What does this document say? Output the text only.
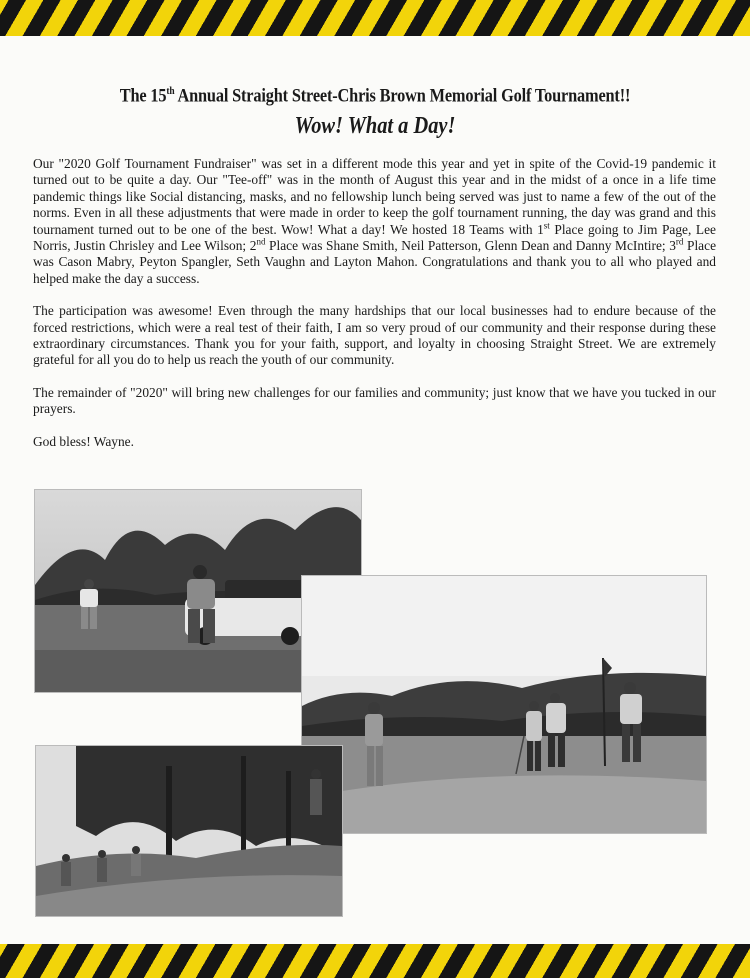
The 15th Annual Straight Street-Chris Brown Memorial Golf Tournament!!
Wow! What a Day!

Our "2020 Golf Tournament Fundraiser" was set in a different mode this year and yet in spite of the Covid-19 pandemic it turned out to be quite a day. Our "Tee-off" was in the month of August this year and in the midst of a once in a life time pandemic things like Social distancing, masks, and no fellowship lunch being served was just to name a few of the out of the norms. Even in all these adjustments that were made in order to keep the golf tournament running, the day was grand and this tournament turned out to be one of the best. Wow! What a day! We hosted 18 Teams with 1st Place going to Jim Page, Lee Norris, Justin Chrisley and Lee Wilson; 2nd Place was Shane Smith, Neil Patterson, Glenn Dean and Danny McIntire; 3rd Place was Cason Mabry, Peyton Spangler, Seth Vaughn and Layton Mahon. Congratulations and thank you to all who played and helped make the day a success.

The participation was awesome! Even through the many hardships that our local businesses had to endure because of the forced restrictions, which were a real test of their faith, I am so very proud of our community and their response during these extraordinary circumstances. Thank you for your faith, support, and loyalty in choosing Straight Street. We are extremely grateful for all you do to help us reach the youth of our community.

The remainder of "2020" will bring new challenges for our families and community; just know that we have you tucked in our prayers.

God bless! Wayne.
